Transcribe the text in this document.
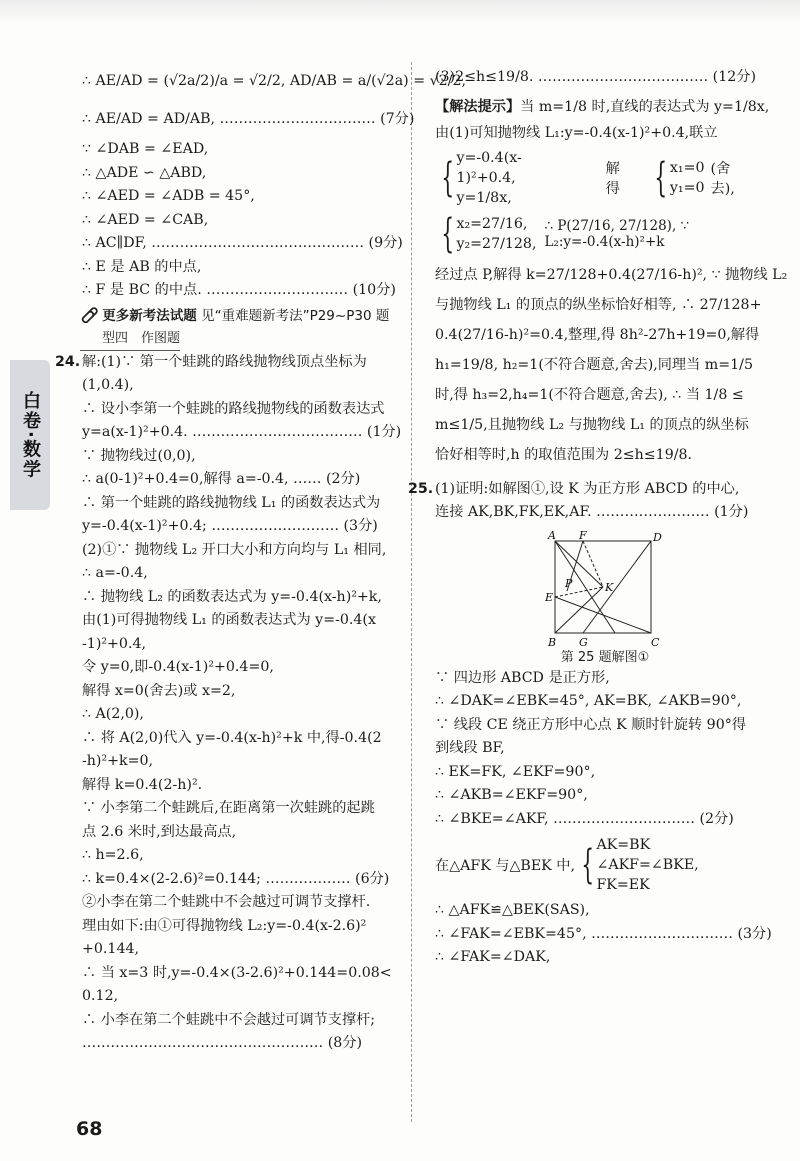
白卷·数学
∴ AE/AD = (√2a/2)/a = √2/2, AD/AB = a/(√2a) = √2/2,
∴ AE/AD = AD/AB, …………………………… (7分)
∵ ∠DAB = ∠EAD,
∴ △ADE ∽ △ABD,
∴ ∠AED = ∠ADB = 45°,
∴ ∠AED = ∠CAB,
∴ AC∥DF, ……………………………………… (9分)
∴ E 是 AB 的中点,
∴ F 是 BC 的中点. ………………………… (10分)
更多新考法试题 见“重难题新考法”P29~P30 题
型四　作图题
24. 解:(1)∵ 第一个蛙跳的路线抛物线顶点坐标为
(1,0.4),
∴ 设小李第一个蛙跳的路线抛物线的函数表达式
y=a(x-1)²+0.4. ……………………………… (1分)
∵ 抛物线过(0,0),
∴ a(0-1)²+0.4=0,解得 a=-0.4, …… (2分)
∴ 第一个蛙跳的路线抛物线 L₁ 的函数表达式为
y=-0.4(x-1)²+0.4; ……………………… (3分)
(2)①∵ 抛物线 L₂ 开口大小和方向均与 L₁ 相同,
∴ a=-0.4,
∴ 抛物线 L₂ 的函数表达式为 y=-0.4(x-h)²+k,
由(1)可得抛物线 L₁ 的函数表达式为 y=-0.4(x
-1)²+0.4,
令 y=0,即-0.4(x-1)²+0.4=0,
解得 x=0(舍去)或 x=2,
∴ A(2,0),
∴ 将 A(2,0)代入 y=-0.4(x-h)²+k 中,得-0.4(2
-h)²+k=0,
解得 k=0.4(2-h)².
∵ 小李第二个蛙跳后,在距离第一次蛙跳的起跳
点 2.6 米时,到达最高点,
∴ h=2.6,
∴ k=0.4×(2-2.6)²=0.144; ……………… (6分)
②小李在第二个蛙跳中不会越过可调节支撑杆.
理由如下:由①可得抛物线 L₂:y=-0.4(x-2.6)²
+0.144,
∴ 当 x=3 时,y=-0.4×(3-2.6)²+0.144=0.08<
0.12,
∴ 小李在第二个蛙跳中不会越过可调节支撑杆;
…………………………………………… (8分)
(3)2≤h≤19/8. ……………………………… (12分)
【解法提示】当 m=1/8 时,直线的表达式为 y=1/8x,
由(1)可知抛物线 L₁:y=-0.4(x-1)²+0.4,联立
{ y=-0.4(x-1)²+0.4,
y=1/8x,
解 得 { x₁=0
y₁=0
(舍 去),
{ x₂=27/16,
y₂=27/128,
∴ P(27/16, 27/128), ∵ L₂:y=-0.4(x-h)²+k
经过点 P,解得 k=27/128+0.4(27/16-h)², ∵ 抛物线 L₂
与抛物线 L₁ 的顶点的纵坐标恰好相等, ∴ 27/128+
0.4(27/16-h)²=0.4,整理,得 8h²-27h+19=0,解得
h₁=19/8, h₂=1(不符合题意,舍去),同理当 m=1/5
时,得 h₃=2,h₄=1(不符合题意,舍去), ∴ 当 1/8 ≤
m≤1/5,且抛物线 L₂ 与抛物线 L₁ 的顶点的纵坐标
恰好相等时,h 的取值范围为 2≤h≤19/8.
25. (1)证明:如解图①,设 K 为正方形 ABCD 的中心,
连接 AK,BK,FK,EK,AF. …………………… (1分)
A F	D
P	K
E
B G	C
第 25 题解图①
∵ 四边形 ABCD 是正方形,
∴ ∠DAK=∠EBK=45°, AK=BK, ∠AKB=90°,
∵ 线段 CE 绕正方形中心点 K 顺时针旋转 90°得
到线段 BF,
∴ EK=FK, ∠EKF=90°,
∴ ∠AKB=∠EKF=90°,
∴ ∠BKE=∠AKF, ………………………… (2分)
在△AFK 与△BEK 中, { AK=BK
∠AKF=∠BKE,
FK=EK
∴ △AFK≌△BEK(SAS),
∴ ∠FAK=∠EBK=45°, ………………………… (3分)
∴ ∠FAK=∠DAK,
68
